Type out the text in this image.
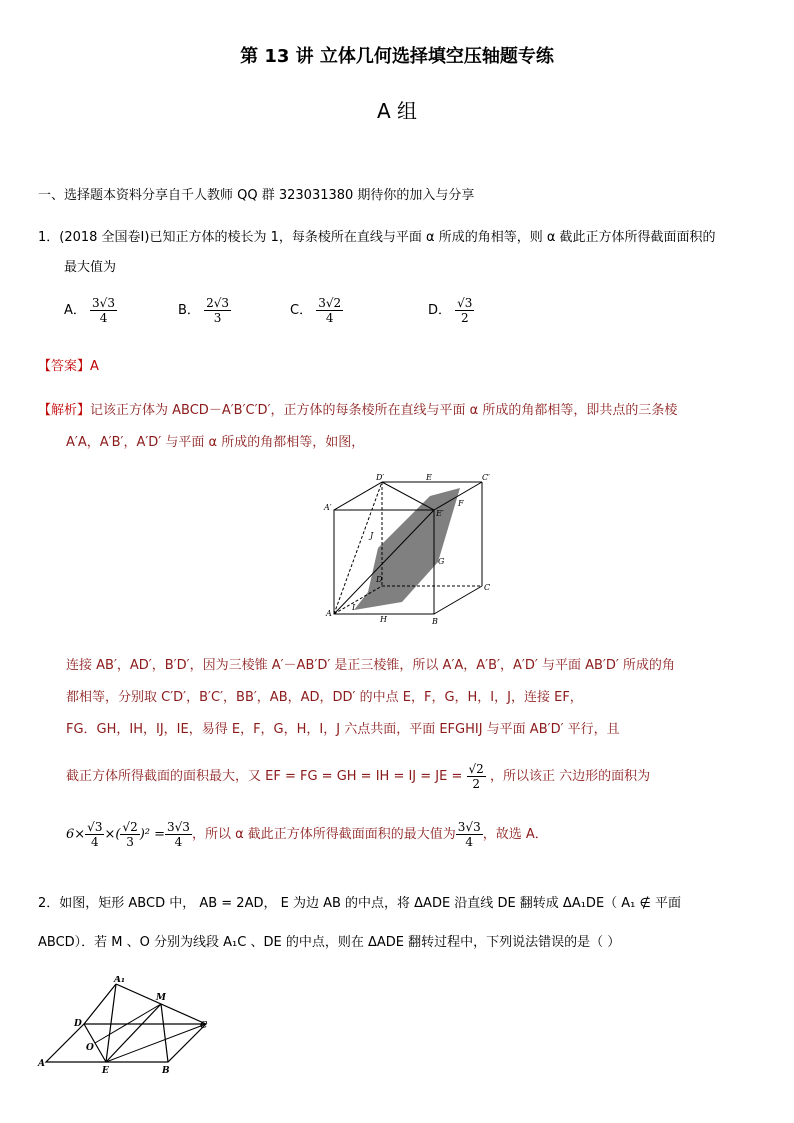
第 13 讲 立体几何选择填空压轴题专练
A 组
一、选择题本资料分享自千人教师 QQ 群 323031380 期待你的加入与分享
1．(2018 全国卷Ⅰ)已知正方体的棱长为 1，每条棱所在直线与平面 α 所成的角相等，则 α 截此正方体所得截面面积的
最大值为
A． $\frac{3√3}{4}$	B． $\frac{2√3}{3}$	C． $\frac{3√2}{4}$	D． $\frac{√3}{2}$
【答案】A
【解析】记该正方体为 ABCD－A′B′C′D′，正方体的每条棱所在直线与平面 α 所成的角都相等，即共点的三条棱
A′A，A′B′，A′D′ 与平面 α 所成的角都相等，如图，
D′	E	C′
A′
E′
F
J
G
D
C
A
I
H	B
连接 AB′，AD′，B′D′，因为三棱锥 A′－AB′D′ 是正三棱锥，所以 A′A，A′B′，A′D′ 与平面 AB′D′ 所成的角
都相等，分别取 C′D′，B′C′，BB′，AB，AD，DD′ 的中点 E，F，G，H，I，J，连接 EF，
FG．GH，IH，IJ，IE，易得 E，F，G，H，I，J 六点共面，平面 EFGHIJ 与平面 AB′D′ 平行，且
截正方体所得截面的面积最大，又 EF = FG = GH = IH = IJ = JE = $\frac{√2}{2}$ ，所以该正 六边形的面积为
$6\times \frac{√3}{4}$ ×( $\frac{√2}{3} )^2 = \frac{3√3}{4}$ ，所以 α 截此正方体所得截面面积的最大值为 $\frac{3√3}{4}$ ，故选 A．
2．如图，矩形 ABCD 中， AB = 2AD， E 为边 AB 的中点，将 ΔADE 沿直线 DE 翻转成 ΔA₁DE（ A₁ ∉ 平面
ABCD）．若 M 、O 分别为线段 A₁C 、DE 的中点，则在 ΔADE 翻转过程中，下列说法错误的是（ ）
A₁
M
D	C
O
A
E	B
